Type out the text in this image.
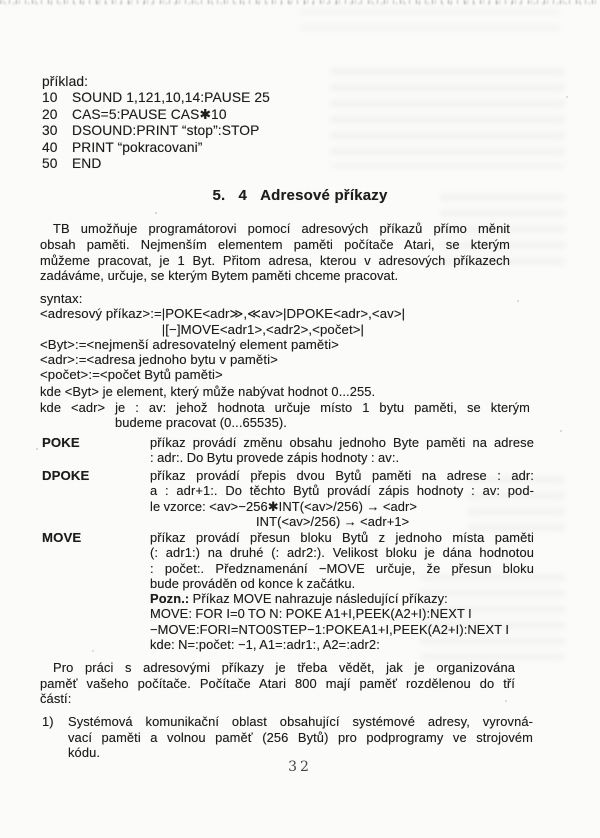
příklad:
10	SOUND 1,121,10,14:PAUSE 25
20	CAS=5:PAUSE CAS✱10
30	DSOUND:PRINT “stop”:STOP
40	PRINT “pokracovani”
50	END
5.   4   Adresové příkazy
TB umožňuje programátorovi pomocí adresových příkazů přímo měnit
obsah paměti. Nejmenším elementem paměti počítače Atari, se kterým
můžeme pracovat, je 1 Byt. Přitom adresa, kterou v adresových příkazech
zadáváme, určuje, se kterým Bytem paměti chceme pracovat.
syntax:
<adresový příkaz>:= |POKE<adr≫,≪av>|DPOKE<adr>,<av>|
|[−]MOVE<adr1>,<adr2>,<počet>|
<Byt>:=<nejmenší adresovatelný element paměti>
<adr>:=<adresa jednoho bytu v paměti>
<počet>:=<počet Bytů paměti>
kde <Byt> je element, který může nabývat hodnot 0...255.
kde <adr> je : av: jehož hodnota určuje místo 1 bytu paměti, se kterým
budeme pracovat (0...65535).
POKE	příkaz provádí změnu obsahu jednoho Byte paměti na adrese
: adr:. Do Bytu provede zápis hodnoty : av:.
DPOKE	příkaz provádí přepis dvou Bytů paměti na adrese : adr:
a : adr+1:. Do těchto Bytů provádí zápis hodnoty : av: pod-
le vzorce: <av>−256✱INT(<av>/256) → <adr>
INT(<av>/256) → <adr+1>
MOVE	příkaz provádí přesun bloku Bytů z jednoho místa paměti
(: adr1:) na druhé (: adr2:). Velikost bloku je dána hodnotou
: počet:. Předznamenání −MOVE určuje, že přesun bloku
bude prováděn od konce k začátku.
Pozn.: Příkaz MOVE nahrazuje následující příkazy:
MOVE: FOR I=0 TO N: POKE A1+I,PEEK(A2+I):NEXT I
−MOVE:FORI=NTO0STEP−1:POKEA1+I,PEEK(A2+I):NEXT I
kde: N=:počet: −1, A1=:adr1:, A2=:adr2:
Pro práci s adresovými příkazy je třeba vědět, jak je organizována
paměť vašeho počítače. Počítače Atari 800 mají paměť rozdělenou do tří
částí:
1)	Systémová komunikační oblast obsahující systémové adresy, vyrovná-
vací paměti a volnou paměť (256 Bytů) pro podprogramy ve strojovém
kódu.
32
